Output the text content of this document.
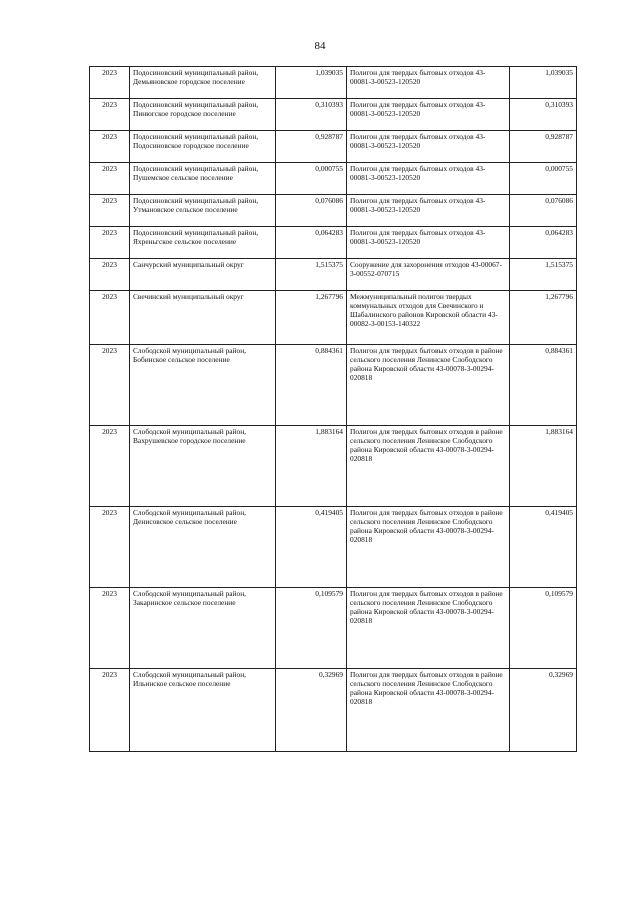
84
2023	Подосиновский муниципальный район, Демьяновское городское поселение	1,039035	Полигон для твердых бытовых отходов 43-00081-3-00523-120520	1,039035
2023	Подосиновский муниципальный район, Пинюгское городское поселение	0,310393	Полигон для твердых бытовых отходов 43-00081-3-00523-120520	0,310393
2023	Подосиновский муниципальный район, Подосиновское городское поселение	0,928787	Полигон для твердых бытовых отходов 43-00081-3-00523-120520	0,928787
2023	Подосиновский муниципальный район, Пушемское сельское поселение	0,000755	Полигон для твердых бытовых отходов 43-00081-3-00523-120520	0,000755
2023	Подосиновский муниципальный район, Утмановское сельское поселение	0,076086	Полигон для твердых бытовых отходов 43-00081-3-00523-120520	0,076086
2023	Подосиновский муниципальный район, Яхреньгское сельское поселение	0,064283	Полигон для твердых бытовых отходов 43-00081-3-00523-120520	0,064283
2023	Санчурский муниципальный округ	1,515375	Сооружение для захоронения отходов 43-00067-3-00552-070715	1,515375
2023	Свечинский муниципальный округ	1,267796	Межмуниципальный полигон твердых коммунальных отходов для Свечинского и Шабалинского районов Кировской области 43-00082-3-00153-140322	1,267796
2023	Слободской муниципальный район, Бобинское сельское поселение	0,884361	Полигон для твердых бытовых отходов в районе сельского поселения Ленинское Слободского района Кировской области 43-00078-3-00294-020818	0,884361
2023	Слободской муниципальный район, Вахрушевское городское поселение	1,883164	Полигон для твердых бытовых отходов в районе сельского поселения Ленинское Слободского района Кировской области 43-00078-3-00294-020818	1,883164
2023	Слободской муниципальный район, Денисовское сельское поселение	0,419405	Полигон для твердых бытовых отходов в районе сельского поселения Ленинское Слободского района Кировской области 43-00078-3-00294-020818	0,419405
2023	Слободской муниципальный район, Закаринское сельское поселение	0,109579	Полигон для твердых бытовых отходов в районе сельского поселения Ленинское Слободского района Кировской области 43-00078-3-00294-020818	0,109579
2023	Слободской муниципальный район, Ильинское сельское поселение	0,32969	Полигон для твердых бытовых отходов в районе сельского поселения Ленинское Слободского района Кировской области 43-00078-3-00294-020818	0,32969
